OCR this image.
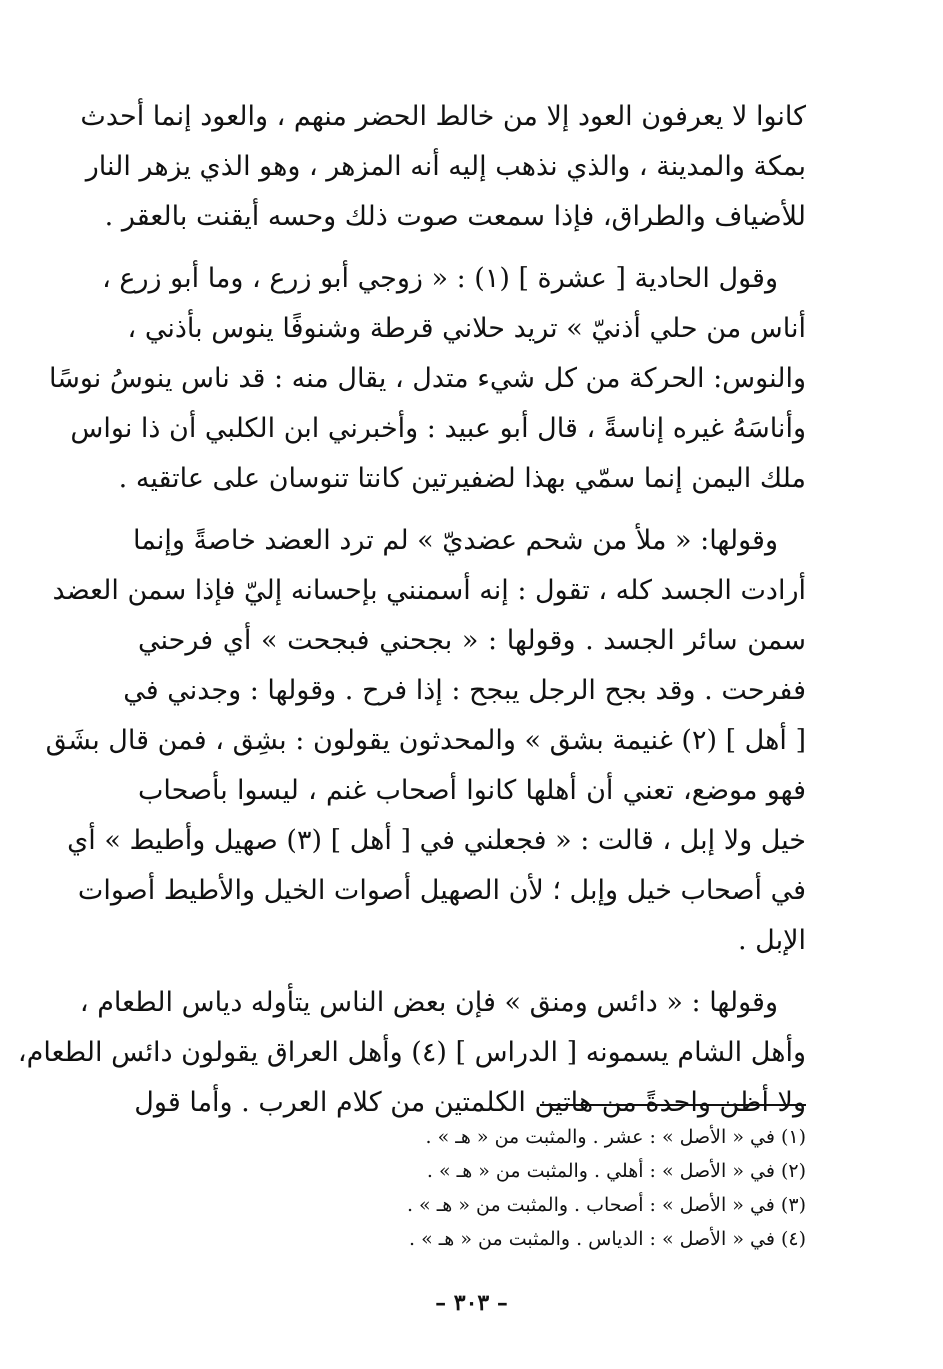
كانوا لا يعرفون العود إلا من خالط الحضر منهم ، والعود إنما أحدث
بمكة والمدينة ، والذي نذهب إليه أنه المزهر ، وهو الذي يزهر النار
للأضياف والطراق، فإذا سمعت صوت ذلك وحسه أيقنت بالعقر .

وقول الحادية [ عشرة ] (١) : « زوجي أبو زرع ، وما أبو زرع ،
أناس من حلي أذنيّ » تريد حلاني قرطة وشنوفًا ينوس بأذني ،
والنوس: الحركة من كل شيء متدل ، يقال منه : قد ناس ينوسُ نوسًا
وأناسَهُ غيره إناسةً ، قال أبو عبيد : وأخبرني ابن الكلبي أن ذا نواس
ملك اليمن إنما سمّي بهذا لضفيرتين كانتا تنوسان على عاتقيه .

وقولها: « ملأ من شحم عضديّ » لم ترد العضد خاصةً وإنما
أرادت الجسد كله ، تقول : إنه أسمنني بإحسانه إليّ فإذا سمن العضد
سمن سائر الجسد . وقولها : « بجحني فبجحت » أي فرحني
ففرحت . وقد بجح الرجل يبجح : إذا فرح . وقولها : وجدني في
[ أهل ] (٢) غنيمة بشق » والمحدثون يقولون : بشِق ، فمن قال بشَق
فهو موضع، تعني أن أهلها كانوا أصحاب غنم ، ليسوا بأصحاب
خيل ولا إبل ، قالت : « فجعلني في [ أهل ] (٣) صهيل وأطيط » أي
في أصحاب خيل وإبل ؛ لأن الصهيل أصوات الخيل والأطيط أصوات
الإبل .

وقولها : « دائس ومنق » فإن بعض الناس يتأوله دياس الطعام ،
وأهل الشام يسمونه [ الدراس ] (٤) وأهل العراق يقولون دائس الطعام،
ولا أظن واحدةً من هاتين الكلمتين من كلام العرب . وأما قول

(١) في « الأصل » : عشر . والمثبت من « هـ » .
(٢) في « الأصل » : أهلي . والمثبت من « هـ » .
(٣) في « الأصل » : أصحاب . والمثبت من « هـ » .
(٤) في « الأصل » : الدياس . والمثبت من « هـ » .
– ٣٠٣ –
